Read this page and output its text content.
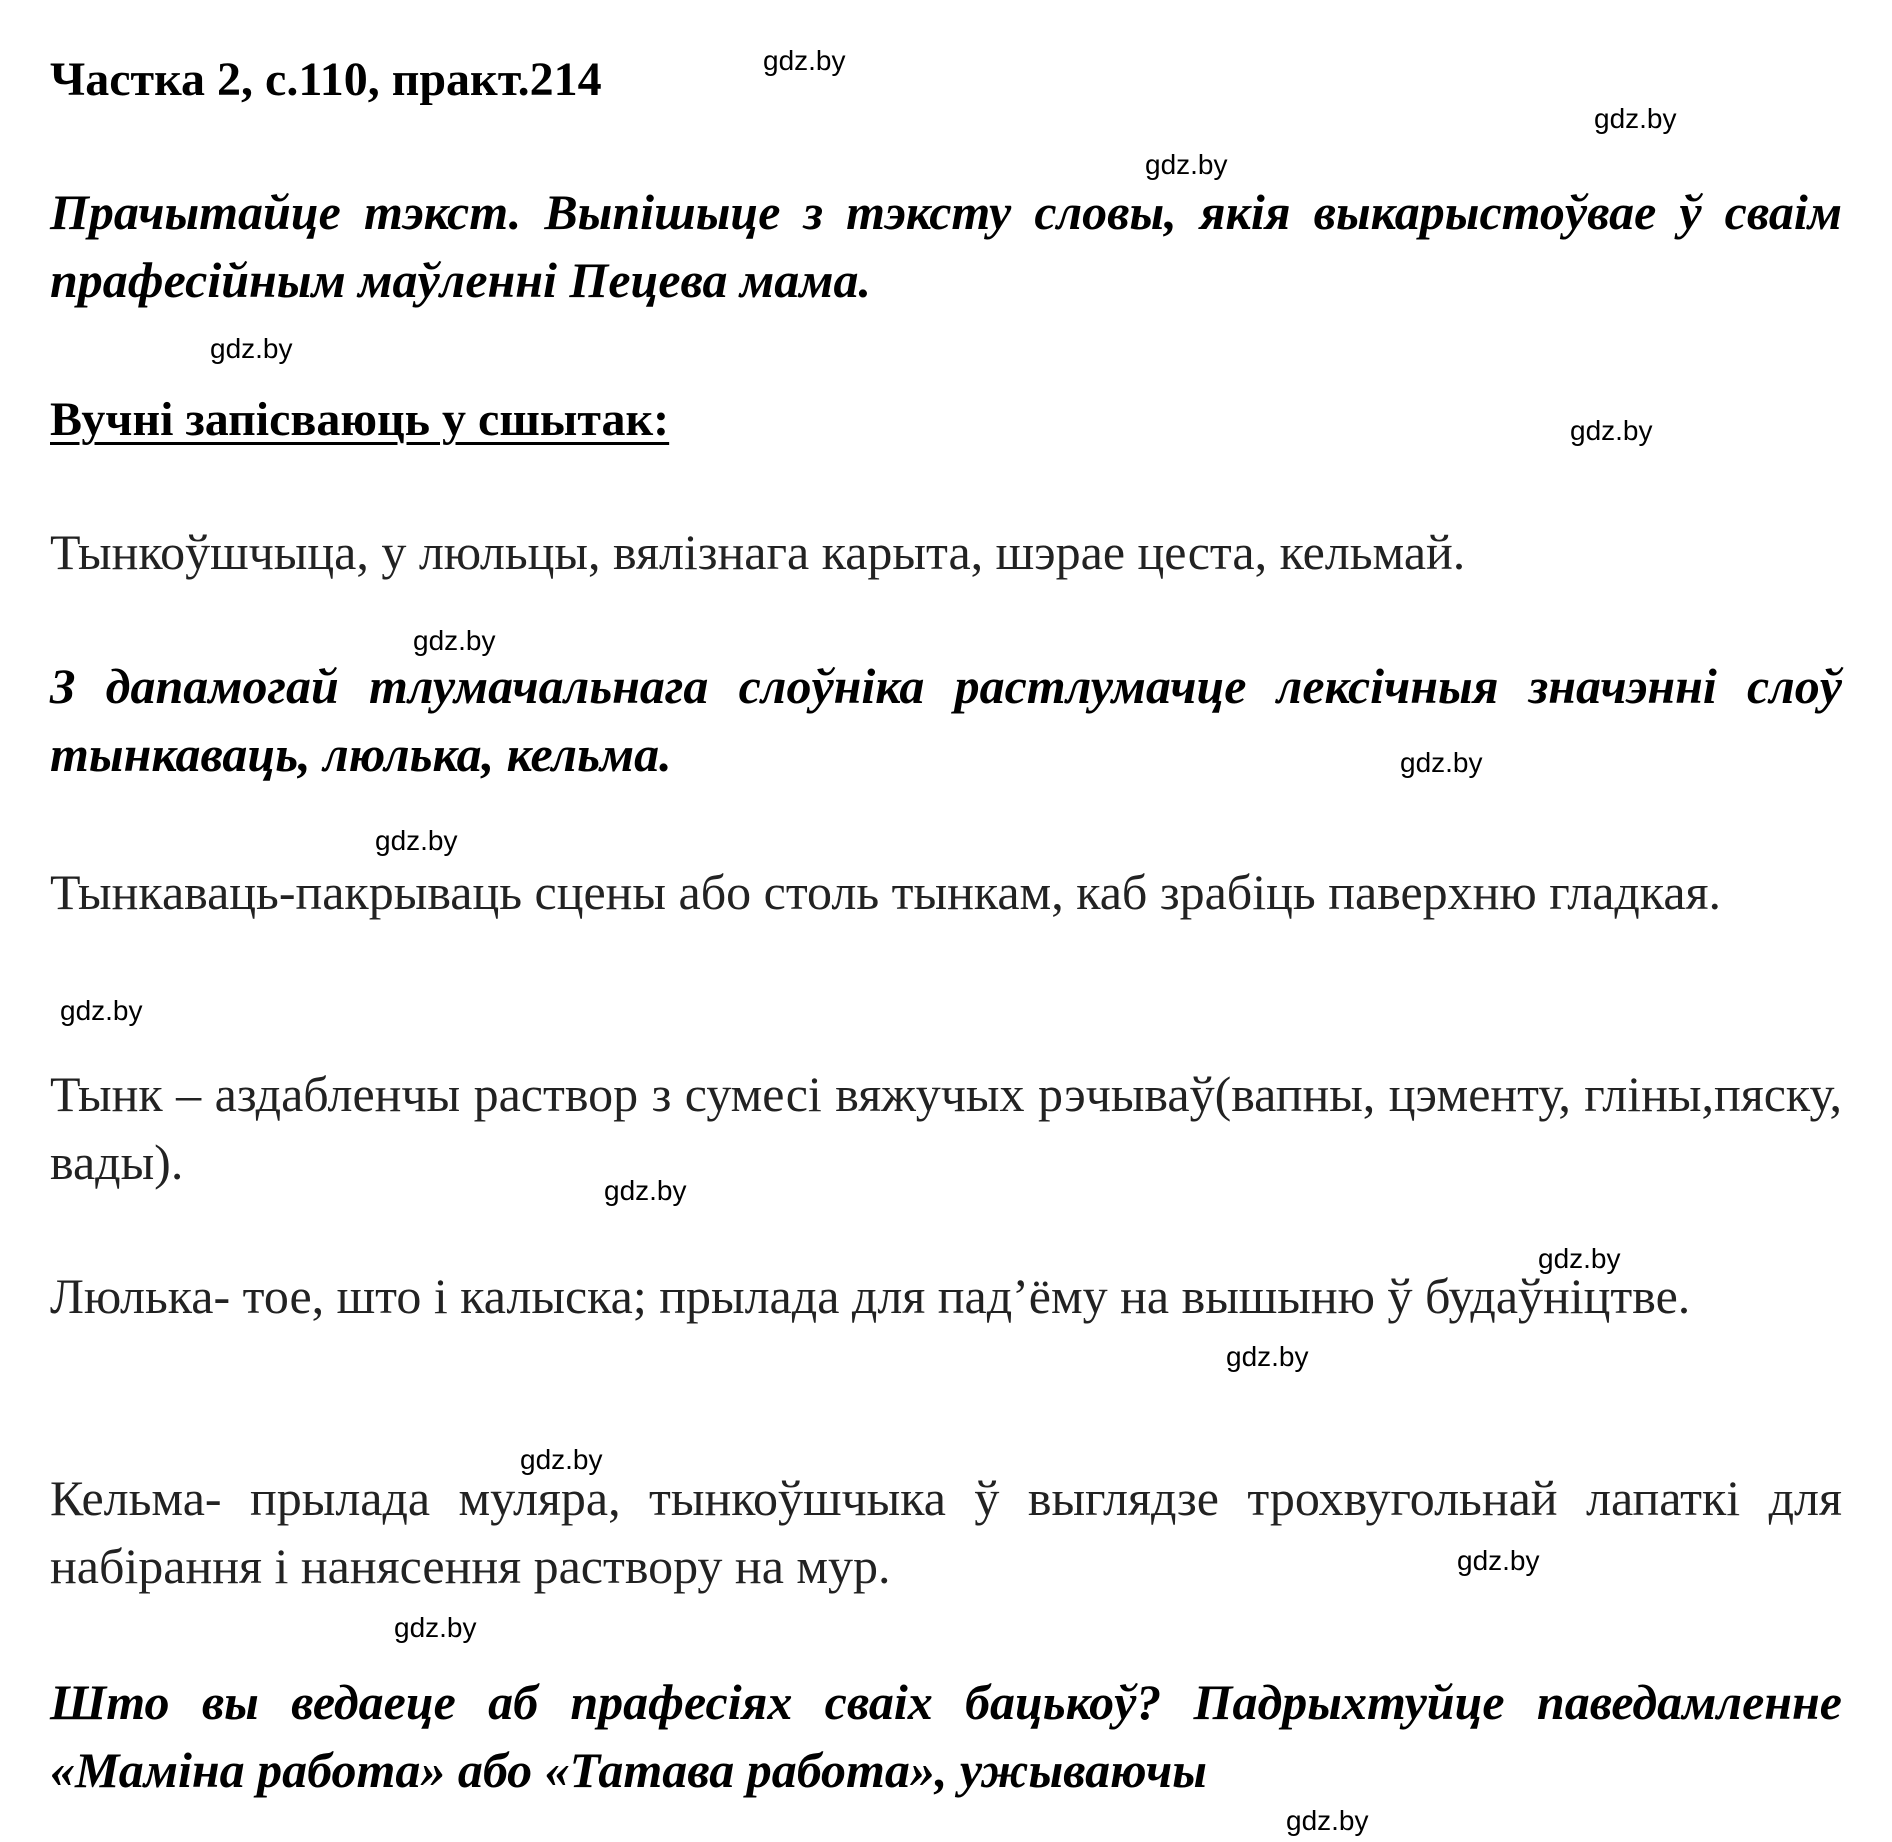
Частка 2, с.110, практ.214

Прачытайце тэкст. Выпішыце з тэксту словы, якія выкарыстоўвае ў сваім прафесійным маўленні Пецева мама.

Вучні запісваюць у сшытак:

Тынкоўшчыца, у люльцы, вялізнага карыта, шэрае цеста, кельмай.

З дапамогай тлумачальнага слоўніка растлумачце лексічныя значэнні слоў тынкаваць, люлька, кельма.

Тынкаваць-пакрываць сцены або столь тынкам, каб зрабіць паверхню гладкая.

Тынк – аздабленчы раствор з сумесі вяжучых рэчываў(вапны, цэменту, гліны,пяску, вады).

Люлька- тое, што і калыска; прылада для пад’ёму на вышыню ў будаўніцтве.

Кельма- прылада муляра, тынкоўшчыка ў выглядзе трохвугольнай лапаткі для набірання і нанясення раствору на мур.

Што вы ведаеце аб прафесіях сваіх бацькоў? Падрыхтуйце паведамленне «Маміна работа» або «Татава работа», ужываючы

gdz.by
gdz.by
gdz.by
gdz.by
gdz.by
gdz.by
gdz.by
gdz.by
gdz.by
gdz.by
gdz.by
gdz.by
gdz.by
gdz.by
gdz.by
gdz.by
